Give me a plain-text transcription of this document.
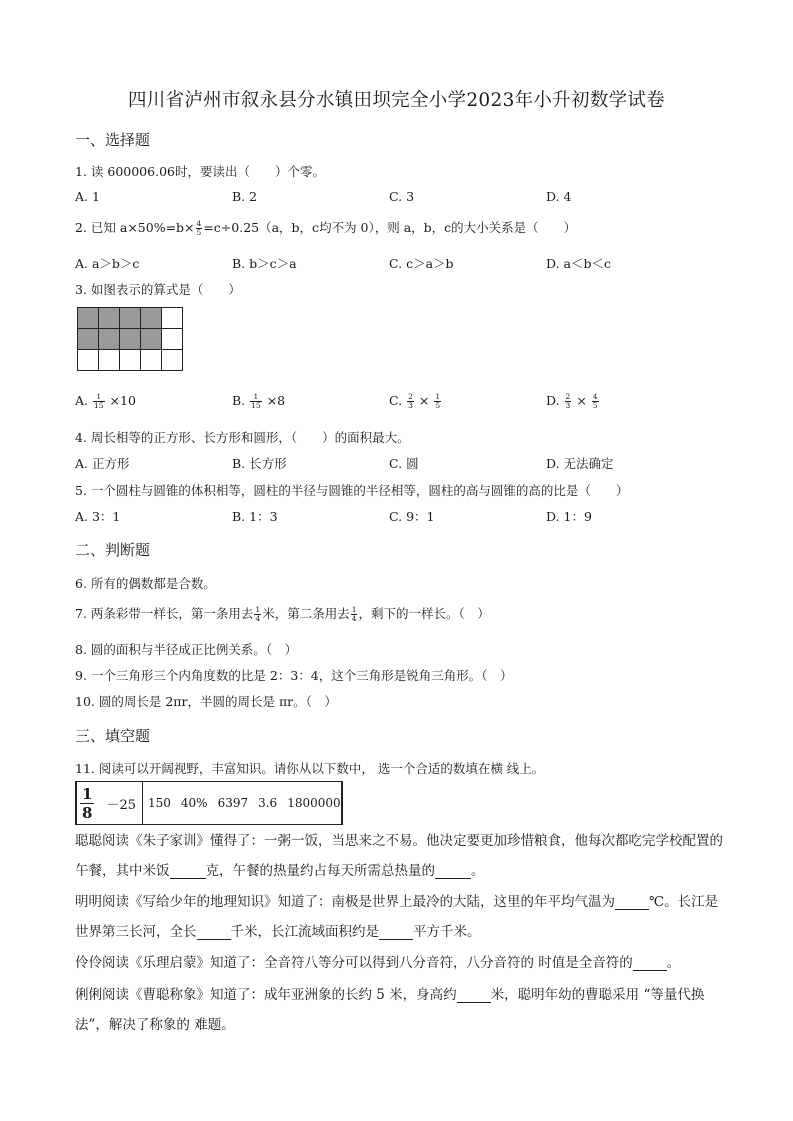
四川省泸州市叙永县分水镇田坝完全小学2023年小升初数学试卷
一、选择题
1. 读 600006.06时，要读出（　　）个零。
A. 1	B. 2	C. 3	D. 4
2. 已知 $a\times 50\%=b\times \frac{4}{5} =c\div 0.25(a$，b，c均不为 0），则 a，b，c的大小关系是（　　）
A. a＞b＞c	B. b＞c＞a	C. c＞a＞b	D. a＜b＜c
3. 如图表示的算式是（　　）

A. $\frac{1}{15} \times 10$	B. $\frac{1}{15} \times 8$	C. $\frac{2}{3} \times \frac{1}{5}$	D. $\frac{2}{3} \times \frac{4}{5}$
4. 周长相等的正方形、长方形和圆形，（　　）的面积最大。
A. 正方形	B. 长方形	C. 圆	D. 无法确定
5. 一个圆柱与圆锥的体积相等，圆柱的半径与圆锥的半径相等，圆柱的高与圆锥的高的比是（　　）
A. 3：1	B. 1：3	C. 9：1	D. 1：9
二、判断题
6. 所有的偶数都是合数。
7. 两条彩带一样长，第一条用去 $\frac{1}{4}$ 米，第二条用去 $\frac{1}{4}$ ，剩下的一样长。（　）
8. 圆的面积与半径成正比例关系。（　）
9. 一个三角形三个内角度数的比是 2：3：4，这个三角形是锐角三角形。（　）
10. 圆的周长是 2πr，半圆的周长是 πr。（　）
三、填空题
11. 阅读可以开阔视野，丰富知识。请你从以下数中， 选一个合适的数填在横 线上。
1
8	－25	150 40% 6397 3.6 1800000
聪聪阅读《朱子家训》懂得了：一粥一饭，当思来之不易。他决定要更加珍惜粮食，他每次都吃完学校配置的
午餐，其中米饭	克，午餐的热量约占每天所需总热量的	。
明明阅读《写给少年的地理知识》知道了：南极是世界上最冷的大陆，这里的年平均气温为	℃。长江是
世界第三长河，全长	千米，长江流域面积约是	平方千米。
伶伶阅读《乐理启蒙》知道了：全音符八等分可以得到八分音符，八分音符的 时值是全音符的	。
俐俐阅读《曹聪称象》知道了：成年亚洲象的长约 5 米，身高约	米，聪明年幼的曹聪采用 “等量代换
法”，解决了称象的 难题。
